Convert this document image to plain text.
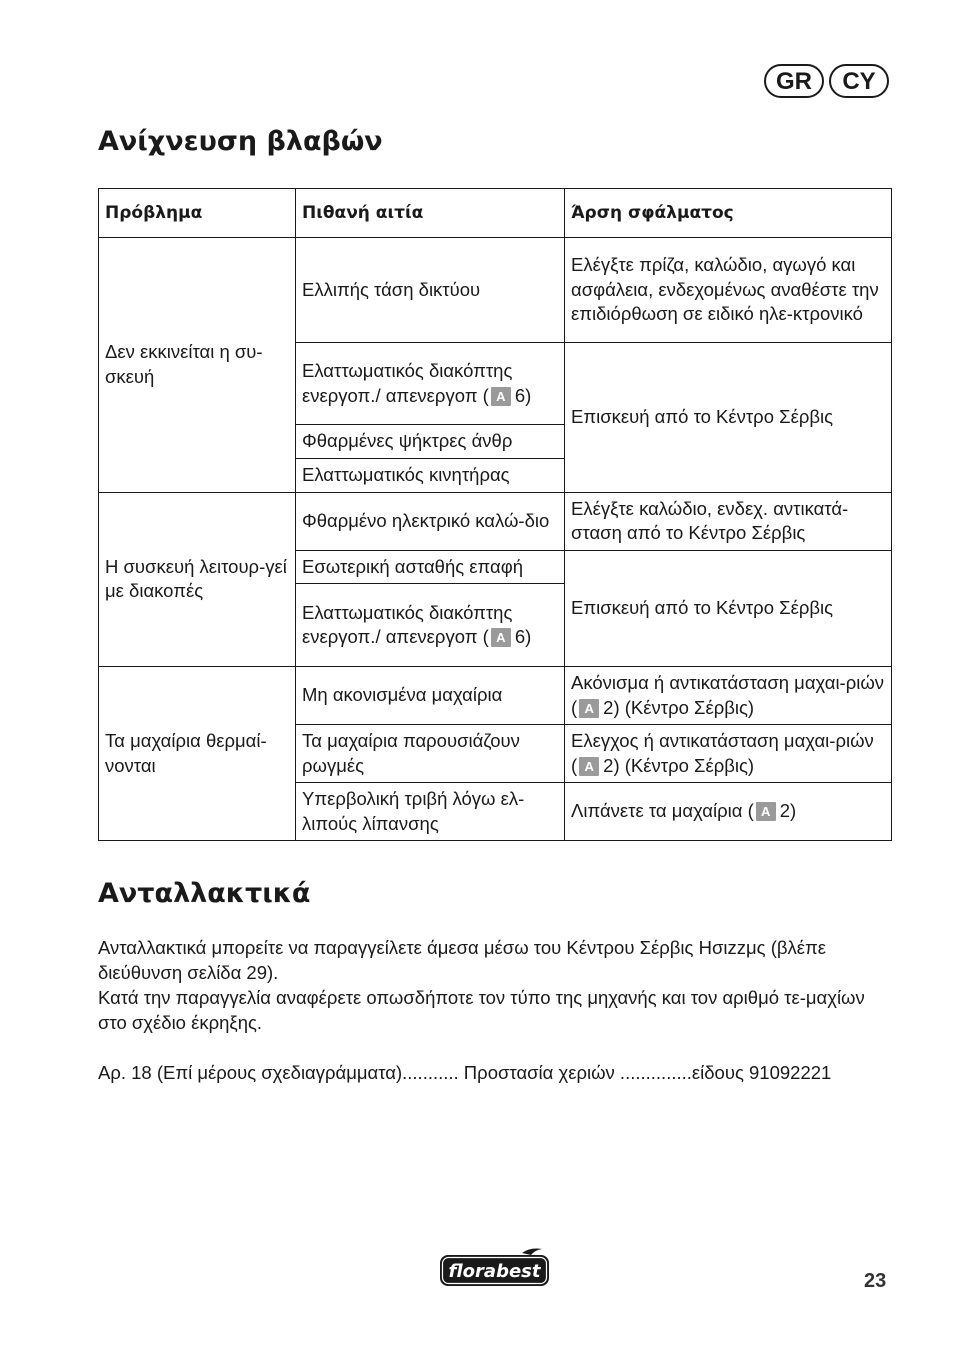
GR	CY
Ανίχνευση βλαβών
Πρόβλημα	Πιθανή αιτία	Άρση σφάλματος
Δεν εκκινείται η συ-σκευή	Ελλιπής τάση δικτύου	Ελέγξτε πρίζα, καλώδιο, αγωγό και ασφάλεια, ενδεχομένως αναθέστε την επιδιόρθωση σε ειδικό ηλε-κτρονικό
	Ελαττωματικός διακόπτης ενεργοπ./ απενεργοπ ( A 6)	Επισκευή από το Κέντρο Σέρβις
	Φθαρμένες ψήκτρες άνθρ	
	Ελαττωματικός κινητήρας	
Η συσκευή λειτουρ-γεί με διακοπές	Φθαρμένο ηλεκτρικό καλώ-διο	Ελέγξτε καλώδιο, ενδεχ. αντικατά-σταση από το Κέντρο Σέρβις
	Εσωτερική ασταθής επαφή	Επισκευή από το Κέντρο Σέρβις
	Ελαττωματικός διακόπτης ενεργοπ./ απενεργοπ ( A 6)	
Τα μαχαίρια θερμαί-νονται	Μη ακονισμένα μαχαίρια	Ακόνισμα ή αντικατάσταση μαχαι-ριών ( A 2) (Κέντρο Σέρβις)
	Τα μαχαίρια παρουσιάζουν ρωγμές	Ελεγχος ή αντικατάσταση μαχαι-ριών ( A 2) (Κέντρο Σέρβις)
	Υπερβολική τριβή λόγω ελ-λιπούς λίπανσης	Λιπάνετε τα μαχαίρια ( A 2)
Ανταλλακτικά

Ανταλλακτικά μπορείτε να παραγγείλετε άμεσα μέσω του Κέντρου Σέρβις Ησιzzμς (βλέπε διεύθυνση σελίδα 29).

Κατά την παραγγελία αναφέρετε οπωσδήποτε τον τύπο της μηχανής και τον αριθμό τε-μαχίων στο σχέδιο έκρηξης.

Αρ. 18 (Επί μέρους σχεδιαγράμματα)........... Προστασία χεριών ..............είδους 91092221
florabest	23
